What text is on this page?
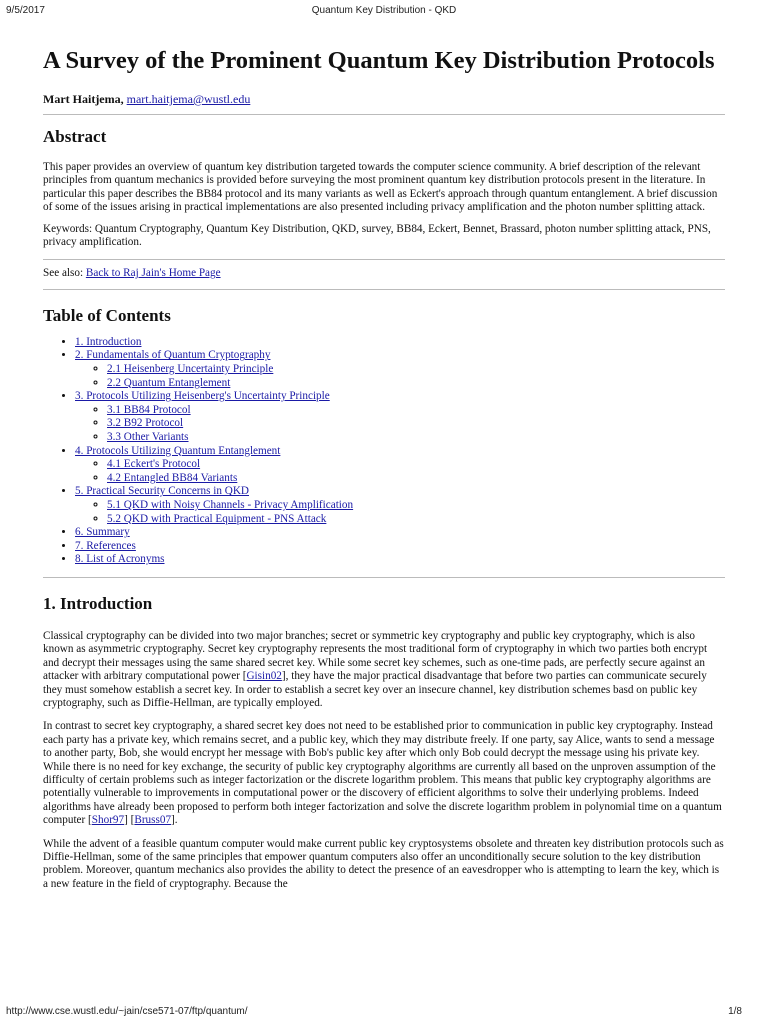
9/5/2017	Quantum Key Distribution - QKD
A Survey of the Prominent Quantum Key Distribution Protocols
Mart Haitjema, mart.haitjema@wustl.edu
Abstract

This paper provides an overview of quantum key distribution targeted towards the computer science community. A brief description of the relevant principles from quantum mechanics is provided before surveying the most prominent quantum key distribution protocols present in the literature. In particular this paper describes the BB84 protocol and its many variants as well as Eckert's approach through quantum entanglement. A brief discussion of some of the issues arising in practical implementations are also presented including privacy amplification and the photon number splitting attack.

Keywords: Quantum Cryptography, Quantum Key Distribution, QKD, survey, BB84, Eckert, Bennet, Brassard, photon number splitting attack, PNS, privacy amplification.

See also: Back to Raj Jain's Home Page

Table of Contents
• 1. Introduction
• 2. Fundamentals of Quantum Cryptography
◦ 2.1 Heisenberg Uncertainty Principle
◦ 2.2 Quantum Entanglement
• 3. Protocols Utilizing Heisenberg's Uncertainty Principle
◦ 3.1 BB84 Protocol
◦ 3.2 B92 Protocol
◦ 3.3 Other Variants
• 4. Protocols Utilizing Quantum Entanglement
◦ 4.1 Eckert's Protocol
◦ 4.2 Entangled BB84 Variants
• 5. Practical Security Concerns in QKD
◦ 5.1 QKD with Noisy Channels - Privacy Amplification
◦ 5.2 QKD with Practical Equipment - PNS Attack
• 6. Summary
• 7. References
• 8. List of Acronyms
1. Introduction

Classical cryptography can be divided into two major branches; secret or symmetric key cryptography and public key cryptography, which is also known as asymmetric cryptography. Secret key cryptography represents the most traditional form of cryptography in which two parties both encrypt and decrypt their messages using the same shared secret key. While some secret key schemes, such as one-time pads, are perfectly secure against an attacker with arbitrary computational power [Gisin02], they have the major practical disadvantage that before two parties can communicate securely they must somehow establish a secret key. In order to establish a secret key over an insecure channel, key distribution schemes basd on public key cryptography, such as Diffie-Hellman, are typically employed.

In contrast to secret key cryptography, a shared secret key does not need to be established prior to communication in public key cryptography. Instead each party has a private key, which remains secret, and a public key, which they may distribute freely. If one party, say Alice, wants to send a message to another party, Bob, she would encrypt her message with Bob's public key after which only Bob could decrypt the message using his private key. While there is no need for key exchange, the security of public key cryptography algorithms are currently all based on the unproven assumption of the difficulty of certain problems such as integer factorization or the discrete logarithm problem. This means that public key cryptography algorithms are potentially vulnerable to improvements in computational power or the discovery of efficient algorithms to solve their underlying problems. Indeed algorithms have already been proposed to perform both integer factorization and solve the discrete logarithm problem in polynomial time on a quantum computer [Shor97] [Bruss07].

While the advent of a feasible quantum computer would make current public key cryptosystems obsolete and threaten key distribution protocols such as Diffie-Hellman, some of the same principles that empower quantum computers also offer an unconditionally secure solution to the key distribution problem. Moreover, quantum mechanics also provides the ability to detect the presence of an eavesdropper who is attempting to learn the key, which is a new feature in the field of cryptography. Because the

http://www.cse.wustl.edu/~jain/cse571-07/ftp/quantum/	1/8
